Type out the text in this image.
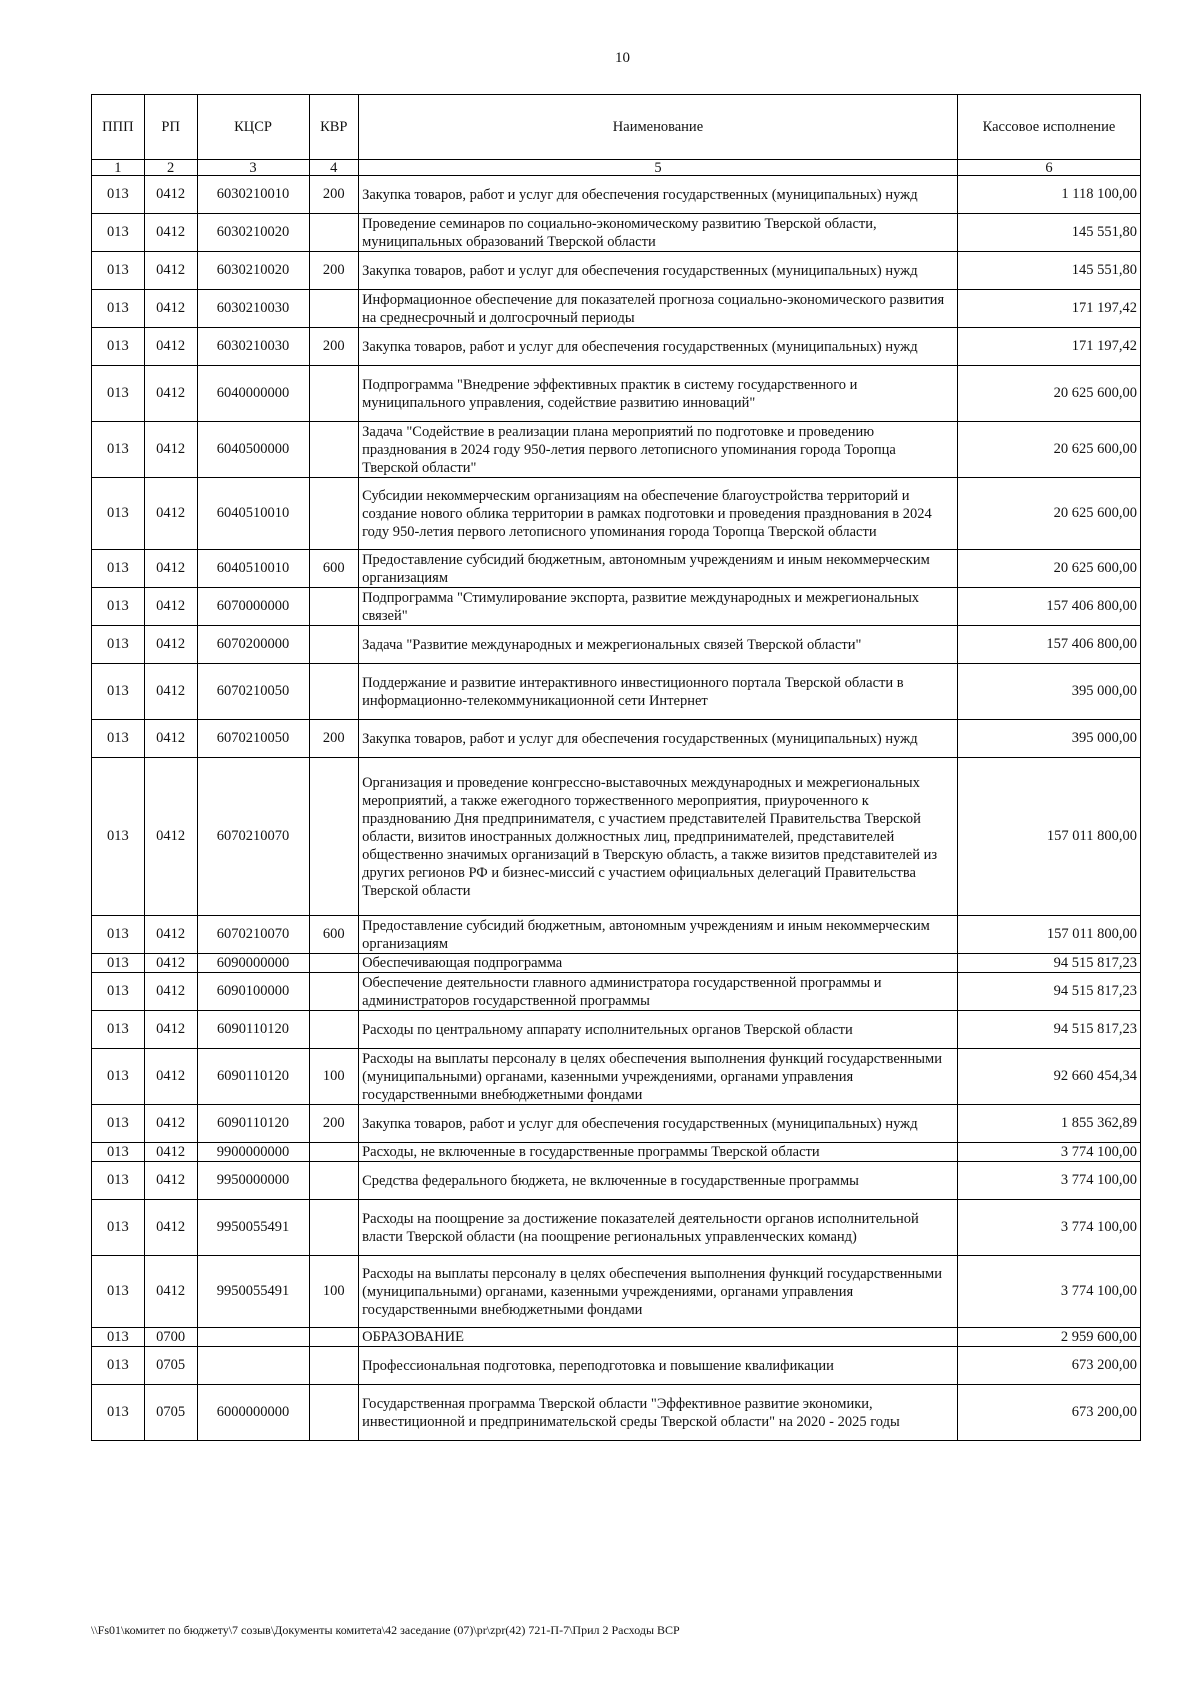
10
ППП	РП	КЦСР	КВР	Наименование	Кассовое исполнение
1	2	3	4	5	6
013	0412	6030210010	200	Закупка товаров, работ и услуг для обеспечения государственных (муниципальных) нужд	1 118 100,00
013	0412	6030210020		Проведение семинаров по социально-экономическому развитию Тверской области, муниципальных образований Тверской области	145 551,80
013	0412	6030210020	200	Закупка товаров, работ и услуг для обеспечения государственных (муниципальных) нужд	145 551,80
013	0412	6030210030		Информационное обеспечение для показателей прогноза социально-экономического развития на среднесрочный и долгосрочный периоды	171 197,42
013	0412	6030210030	200	Закупка товаров, работ и услуг для обеспечения государственных (муниципальных) нужд	171 197,42
013	0412	6040000000		Подпрограмма "Внедрение эффективных практик в систему государственного и муниципального управления, содействие развитию инноваций"	20 625 600,00
013	0412	6040500000		Задача "Содействие в реализации плана мероприятий по подготовке и проведению празднования в 2024 году 950-летия первого летописного упоминания города Торопца Тверской области"	20 625 600,00
013	0412	6040510010		Субсидии некоммерческим организациям на обеспечение благоустройства территорий и создание нового облика территории в рамках подготовки и проведения празднования в 2024 году 950-летия первого летописного упоминания города Торопца Тверской области	20 625 600,00
013	0412	6040510010	600	Предоставление субсидий бюджетным, автономным учреждениям и иным некоммерческим организациям	20 625 600,00
013	0412	6070000000		Подпрограмма "Стимулирование экспорта, развитие международных и межрегиональных связей"	157 406 800,00
013	0412	6070200000		Задача "Развитие международных и межрегиональных связей Тверской области"	157 406 800,00
013	0412	6070210050		Поддержание и развитие интерактивного инвестиционного портала Тверской области в информационно-телекоммуникационной сети Интернет	395 000,00
013	0412	6070210050	200	Закупка товаров, работ и услуг для обеспечения государственных (муниципальных) нужд	395 000,00
013	0412	6070210070		Организация и проведение конгрессно-выставочных международных и межрегиональных мероприятий, а также ежегодного торжественного мероприятия, приуроченного к празднованию Дня предпринимателя, с участием представителей Правительства Тверской области, визитов иностранных должностных лиц, предпринимателей, представителей общественно значимых организаций в Тверскую область, а также визитов представителей из других регионов РФ и бизнес-миссий с участием официальных делегаций Правительства Тверской области	157 011 800,00
013	0412	6070210070	600	Предоставление субсидий бюджетным, автономным учреждениям и иным некоммерческим организациям	157 011 800,00
013	0412	6090000000		Обеспечивающая подпрограмма	94 515 817,23
013	0412	6090100000		Обеспечение деятельности главного администратора государственной программы и администраторов государственной программы	94 515 817,23
013	0412	6090110120		Расходы по центральному аппарату исполнительных органов Тверской области	94 515 817,23
013	0412	6090110120	100	Расходы на выплаты персоналу в целях обеспечения выполнения функций государственными (муниципальными) органами, казенными учреждениями, органами управления государственными внебюджетными фондами	92 660 454,34
013	0412	6090110120	200	Закупка товаров, работ и услуг для обеспечения государственных (муниципальных) нужд	1 855 362,89
013	0412	9900000000		Расходы, не включенные в государственные программы Тверской области	3 774 100,00
013	0412	9950000000		Средства федерального бюджета, не включенные в государственные программы	3 774 100,00
013	0412	9950055491		Расходы на поощрение за достижение показателей деятельности органов исполнительной власти Тверской области (на поощрение региональных управленческих команд)	3 774 100,00
013	0412	9950055491	100	Расходы на выплаты персоналу в целях обеспечения выполнения функций государственными (муниципальными) органами, казенными учреждениями, органами управления государственными внебюджетными фондами	3 774 100,00
013	0700			ОБРАЗОВАНИЕ	2 959 600,00
013	0705			Профессиональная подготовка, переподготовка и повышение квалификации	673 200,00
013	0705	6000000000		Государственная программа Тверской области "Эффективное развитие экономики, инвестиционной и предпринимательской среды Тверской области" на 2020 - 2025 годы	673 200,00
\\Fs01\комитет по бюджету\7 созыв\Документы комитета\42 заседание (07)\pr\zpr(42) 721-П-7\Прил 2 Расходы ВСР
